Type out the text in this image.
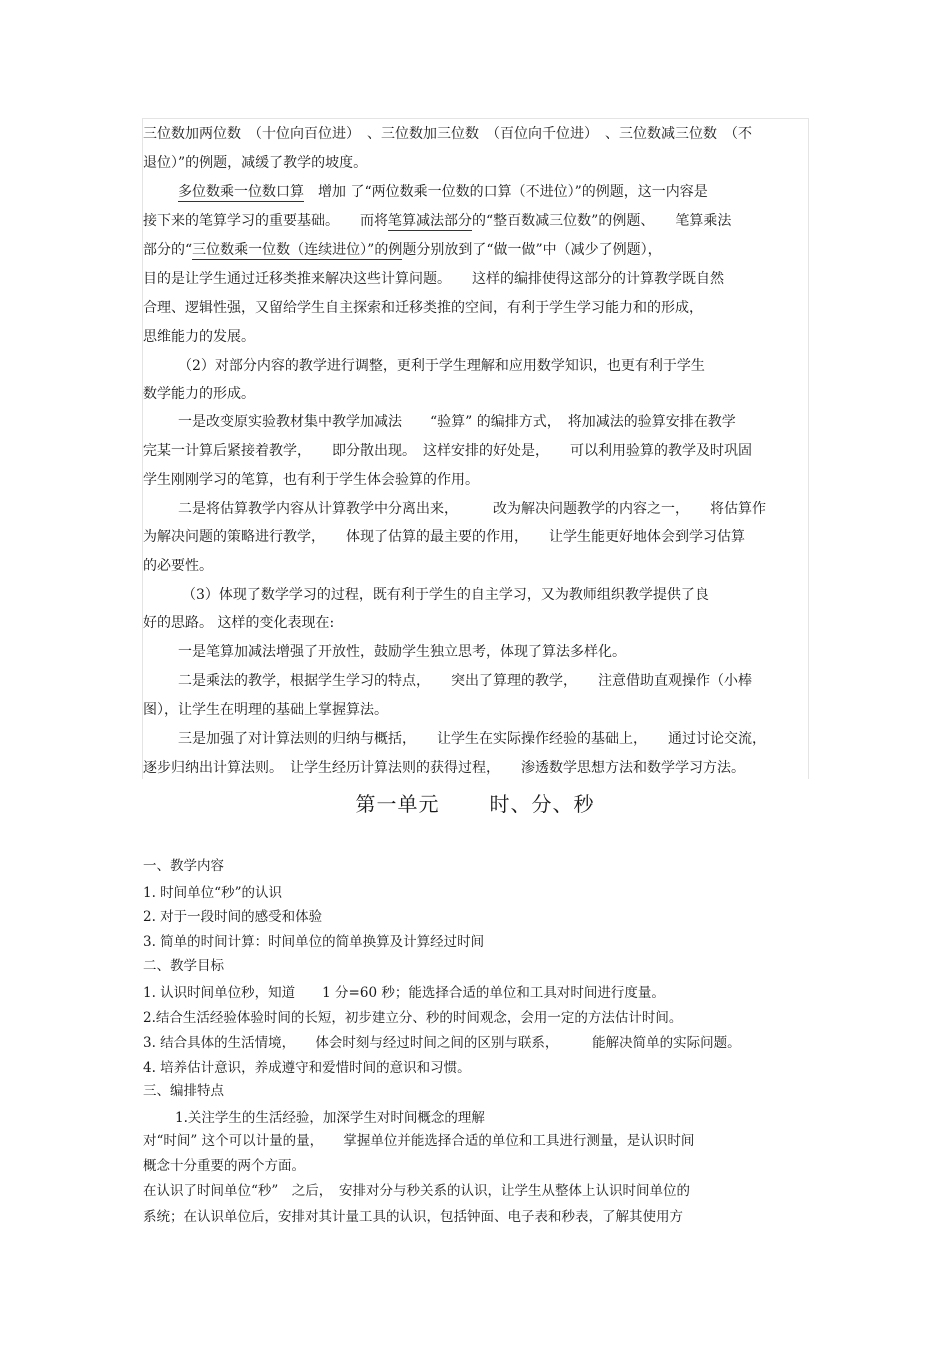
三位数加两位数　（十位向百位进）　、三位数加三位数　（百位向千位进）　、三位数减三位数　（不
退位）”的例题，减缓了教学的坡度。
多位数乘一位数口算　增加 了“两位数乘一位数的口算（不进位）”的例题，这一内容是
接下来的笔算学习的重要基础。　　而将笔算减法部分的“整百数减三位数”的例题、　　笔算乘法
部分的“三位数乘一位数（连续进位）”的例题分别放到了“做一做”中（减少了例题），
目的是让学生通过迁移类推来解决这些计算问题。　　这样的编排使得这部分的计算教学既自然
合理、逻辑性强，又留给学生自主探索和迁移类推的空间，有利于学生学习能力和的形成，
思维能力的发展。
（2）对部分内容的教学进行调整，更利于学生理解和应用数学知识，也更有利于学生
数学能力的形成。
一是改变原实验教材集中教学加减法　　“验算” 的编排方式，　将加减法的验算安排在教学
完某一计算后紧接着教学，　　即分散出现。　这样安排的好处是，　　可以利用验算的教学及时巩固
学生刚刚学习的笔算，也有利于学生体会验算的作用。
二是将估算教学内容从计算教学中分离出来，　　　改为解决问题教学的内容之一，　　将估算作
为解决问题的策略进行教学，　　体现了估算的最主要的作用，　　让学生能更好地体会到学习估算
的必要性。
（3）体现了数学学习的过程，既有利于学生的自主学习，又为教师组织教学提供了良
好的思路。 这样的变化表现在:
一是笔算加减法增强了开放性，鼓励学生独立思考，体现了算法多样化。
二是乘法的教学，根据学生学习的特点，　　突出了算理的教学，　　注意借助直观操作（小棒
图），让学生在明理的基础上掌握算法。
三是加强了对计算法则的归纳与概括，　　让学生在实际操作经验的基础上，　　通过讨论交流，
逐步归纳出计算法则。　让学生经历计算法则的获得过程，　　渗透数学思想方法和数学学习方法。
第一单元	时、分、秒
一、教学内容
1. 时间单位“秒”的认识
2. 对于一段时间的感受和体验
3. 简单的时间计算：时间单位的简单换算及计算经过时间
二、教学目标
1. 认识时间单位秒，知道　　1 分=60 秒；能选择合适的单位和工具对时间进行度量。
2.结合生活经验体验时间的长短，初步建立分、秒的时间观念，会用一定的方法估计时间。
3. 结合具体的生活情境，　　体会时刻与经过时间之间的区别与联系，　　　能解决简单的实际问题。
4. 培养估计意识，养成遵守和爱惜时间的意识和习惯。
三、编排特点
1.关注学生的生活经验，加深学生对时间概念的理解
对“时间” 这个可以计量的量，　　掌握单位并能选择合适的单位和工具进行测量，是认识时间
概念十分重要的两个方面。
在认识了时间单位“秒”　之后，　安排对分与秒关系的认识，让学生从整体上认识时间单位的
系统；在认识单位后，安排对其计量工具的认识，包括钟面、电子表和秒表，了解其使用方
